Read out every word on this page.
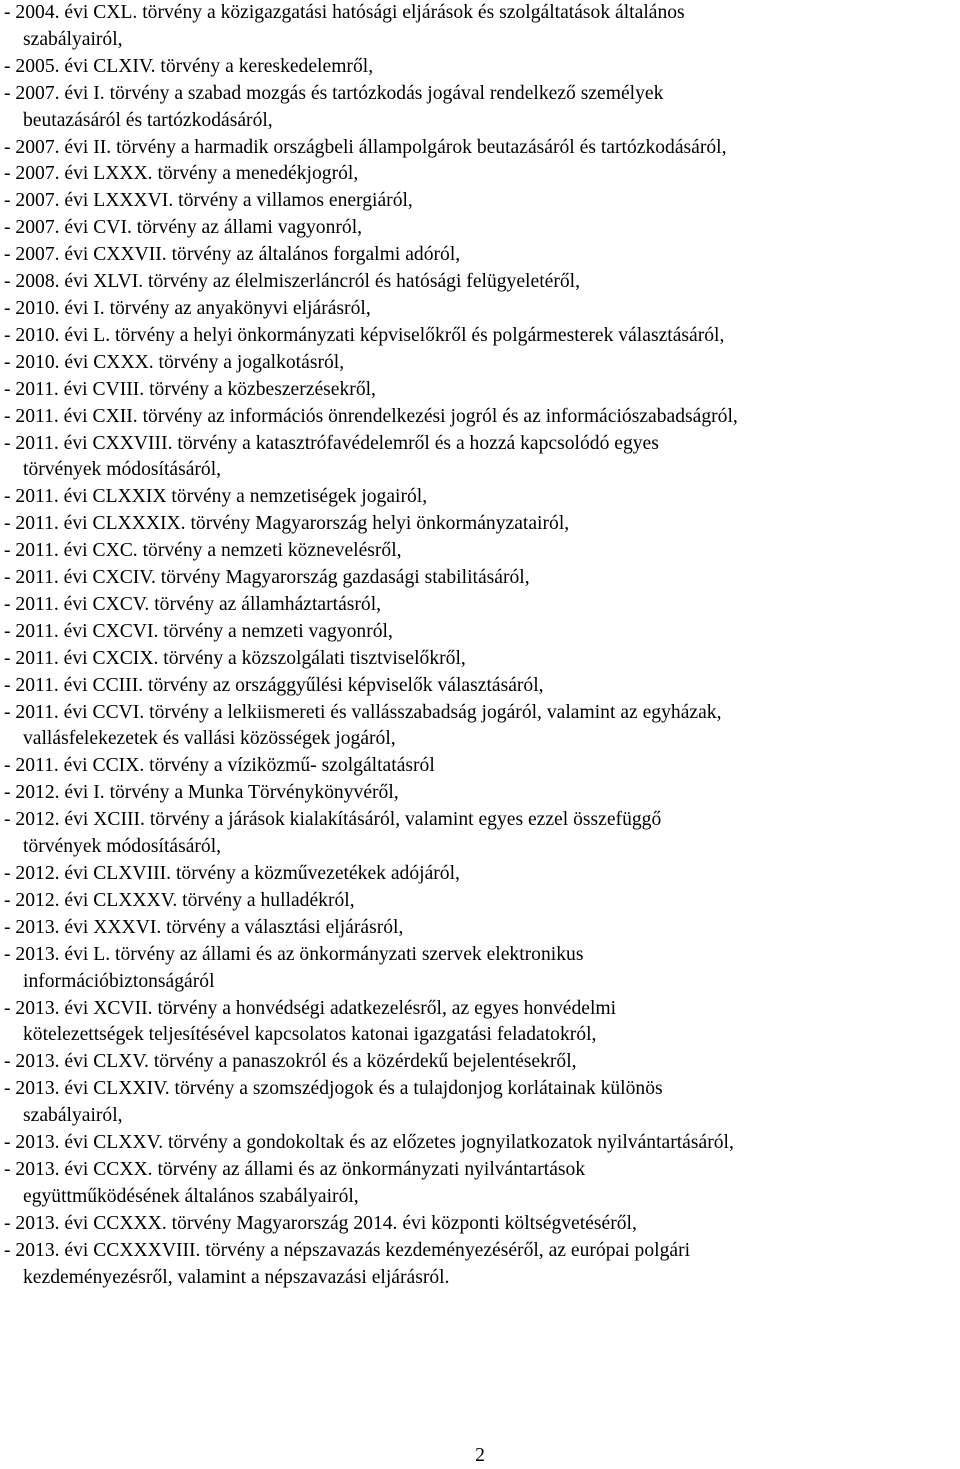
- 2004. évi CXL. törvény a közigazgatási hatósági eljárások és szolgáltatások általános
szabályairól,
- 2005. évi CLXIV. törvény a kereskedelemről,
- 2007. évi I. törvény a szabad mozgás és tartózkodás jogával rendelkező személyek
beutazásáról és tartózkodásáról,
- 2007. évi II. törvény a harmadik országbeli állampolgárok beutazásáról és tartózkodásáról,
- 2007. évi LXXX. törvény a menedékjogról,
- 2007. évi LXXXVI. törvény a villamos energiáról,
- 2007. évi CVI. törvény az állami vagyonról,
- 2007. évi CXXVII. törvény az általános forgalmi adóról,
- 2008. évi XLVI. törvény az élelmiszerláncról és hatósági felügyeletéről,
- 2010. évi I. törvény az anyakönyvi eljárásról,
- 2010. évi L. törvény a helyi önkormányzati képviselőkről és polgármesterek választásáról,
- 2010. évi CXXX. törvény a jogalkotásról,
- 2011. évi CVIII. törvény a közbeszerzésekről,
- 2011. évi CXII. törvény az információs önrendelkezési jogról és az információszabadságról,
- 2011. évi CXXVIII. törvény a katasztrófavédelemről és a hozzá kapcsolódó egyes
törvények módosításáról,
- 2011. évi CLXXIX törvény a nemzetiségek jogairól,
- 2011. évi CLXXXIX. törvény Magyarország helyi önkormányzatairól,
- 2011. évi CXC. törvény a nemzeti köznevelésről,
- 2011. évi CXCIV. törvény Magyarország gazdasági stabilitásáról,
- 2011. évi CXCV. törvény az államháztartásról,
- 2011. évi CXCVI. törvény a nemzeti vagyonról,
- 2011. évi CXCIX. törvény a közszolgálati tisztviselőkről,
- 2011. évi CCIII. törvény az országgyűlési képviselők választásáról,
- 2011. évi CCVI. törvény a lelkiismereti és vallásszabadság jogáról, valamint az egyházak,
vallásfelekezetek és vallási közösségek jogáról,
- 2011. évi CCIX. törvény a víziközmű- szolgáltatásról
- 2012. évi I. törvény a Munka Törvénykönyvéről,
- 2012. évi XCIII. törvény a járások kialakításáról, valamint egyes ezzel összefüggő
törvények módosításáról,
- 2012. évi CLXVIII. törvény a közművezetékek adójáról,
- 2012. évi CLXXXV. törvény a hulladékról,
- 2013. évi XXXVI. törvény a választási eljárásról,
- 2013. évi L. törvény az állami és az önkormányzati szervek elektronikus
információbiztonságáról
- 2013. évi XCVII. törvény a honvédségi adatkezelésről, az egyes honvédelmi
kötelezettségek teljesítésével kapcsolatos katonai igazgatási feladatokról,
- 2013. évi CLXV. törvény a panaszokról és a közérdekű bejelentésekről,
- 2013. évi CLXXIV. törvény a szomszédjogok és a tulajdonjog korlátainak különös
szabályairól,
- 2013. évi CLXXV. törvény a gondokoltak és az előzetes jognyilatkozatok nyilvántartásáról,
- 2013. évi CCXX. törvény az állami és az önkormányzati nyilvántartások
együttműködésének általános szabályairól,
- 2013. évi CCXXX. törvény Magyarország 2014. évi központi költségvetéséről,
- 2013. évi CCXXXVIII. törvény a népszavazás kezdeményezéséről, az európai polgári
kezdeményezésről, valamint a népszavazási eljárásról.
2
